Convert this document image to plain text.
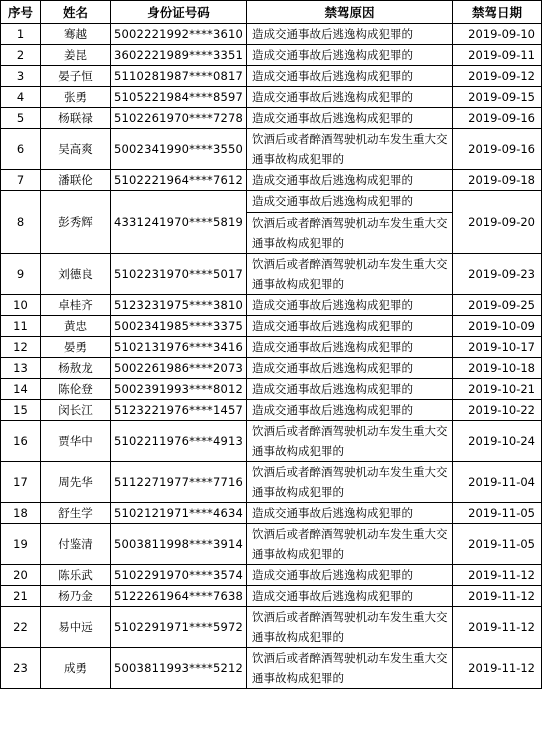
序号	姓名	身份证号码	禁驾原因	禁驾日期
1	骞越	5002221992****3610	造成交通事故后逃逸构成犯罪的	2019-09-10
2	姜昆	3602221989****3351	造成交通事故后逃逸构成犯罪的	2019-09-11
3	晏子恒	5110281987****0817	造成交通事故后逃逸构成犯罪的	2019-09-12
4	张勇	5105221984****8597	造成交通事故后逃逸构成犯罪的	2019-09-15
5	杨联禄	5102261970****7278	造成交通事故后逃逸构成犯罪的	2019-09-16
6	吴高爽	5002341990****3550	饮酒后或者醉酒驾驶机动车发生重大交通事故构成犯罪的	2019-09-16
7	潘联伦	5102221964****7612	造成交通事故后逃逸构成犯罪的	2019-09-18
8	彭秀辉	4331241970****5819	造成交通事故后逃逸构成犯罪的
饮酒后或者醉酒驾驶机动车发生重大交通事故构成犯罪的	2019-09-20
9	刘德良	5102231970****5017	饮酒后或者醉酒驾驶机动车发生重大交通事故构成犯罪的	2019-09-23
10	卓桂齐	5123231975****3810	造成交通事故后逃逸构成犯罪的	2019-09-25
11	黄忠	5002341985****3375	造成交通事故后逃逸构成犯罪的	2019-10-09
12	晏勇	5102131976****3416	造成交通事故后逃逸构成犯罪的	2019-10-17
13	杨敖龙	5002261986****2073	造成交通事故后逃逸构成犯罪的	2019-10-18
14	陈伦登	5002391993****8012	造成交通事故后逃逸构成犯罪的	2019-10-21
15	闵长江	5123221976****1457	造成交通事故后逃逸构成犯罪的	2019-10-22
16	贾华中	5102211976****4913	饮酒后或者醉酒驾驶机动车发生重大交通事故构成犯罪的	2019-10-24
17	周先华	5112271977****7716	饮酒后或者醉酒驾驶机动车发生重大交通事故构成犯罪的	2019-11-04
18	舒生学	5102121971****4634	造成交通事故后逃逸构成犯罪的	2019-11-05
19	付鉴清	5003811998****3914	饮酒后或者醉酒驾驶机动车发生重大交通事故构成犯罪的	2019-11-05
20	陈乐武	5102291970****3574	造成交通事故后逃逸构成犯罪的	2019-11-12
21	杨乃金	5122261964****7638	造成交通事故后逃逸构成犯罪的	2019-11-12
22	易中远	5102291971****5972	饮酒后或者醉酒驾驶机动车发生重大交通事故构成犯罪的	2019-11-12
23	成勇	5003811993****5212	饮酒后或者醉酒驾驶机动车发生重大交通事故构成犯罪的	2019-11-12
